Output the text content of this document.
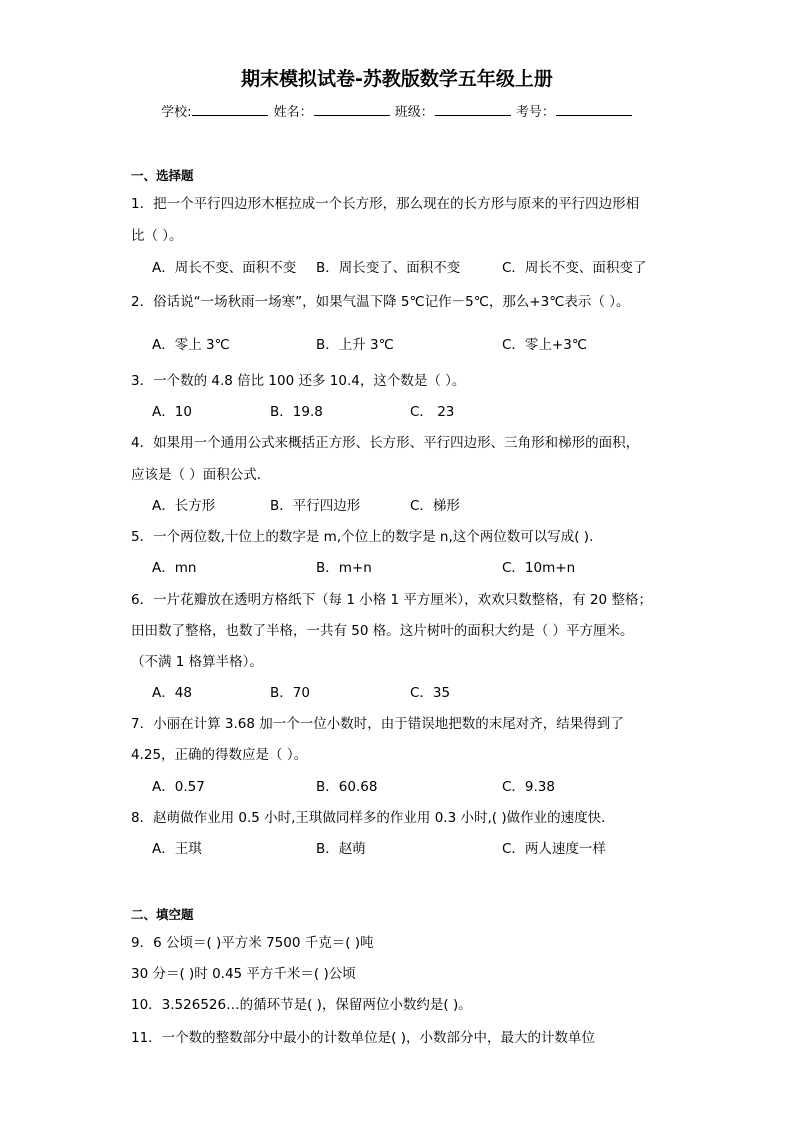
期末模拟试卷-苏教版数学五年级上册
学校:	姓名：	班级：	考号：
一、选择题
1．把一个平行四边形木框拉成一个长方形，那么现在的长方形与原来的平行四边形相
比（ ）。
A．周长不变、面积不变 B．周长变了、面积不变	C．周长不变、面积变了
2．俗话说“一场秋雨一场寒”，如果气温下降 5℃记作－5℃，那么+3℃表示（ ）。
A．零上 3℃	B．上升 3℃	C．零上+3℃
3．一个数的 4.8 倍比 100 还多 10.4，这个数是（ ）。
A．10	B．19.8	C． 23
4．如果用一个通用公式来概括正方形、长方形、平行四边形、三角形和梯形的面积，
应该是（ ）面积公式．
A．长方形	B．平行四边形	C．梯形
5．一个两位数,十位上的数字是 m,个位上的数字是 n,这个两位数可以写成( ).
A．mn	B．m+n	C．10m+n
6．一片花瓣放在透明方格纸下（每 1 小格 1 平方厘米），欢欢只数整格，有 20 整格；
田田数了整格，也数了半格，一共有 50 格。这片树叶的面积大约是（ ）平方厘米。
（不满 1 格算半格）。
A．48	B．70	C．35
7．小丽在计算 3.68 加一个一位小数时，由于错误地把数的末尾对齐，结果得到了
4.25，正确的得数应是（ ）。
A．0.57	B．60.68	C．9.38
8．赵萌做作业用 0.5 小时,王琪做同样多的作业用 0.3 小时,( )做作业的速度快．
A．王琪	B．赵萌	C．两人速度一样
二、填空题
9．6 公顷＝( )平方米 7500 千克＝( )吨
30 分＝( )时 0.45 平方千米＝( )公顷
10．3.526526…的循环节是( )，保留两位小数约是( )。
11．一个数的整数部分中最小的计数单位是( )，小数部分中，最大的计数单位
